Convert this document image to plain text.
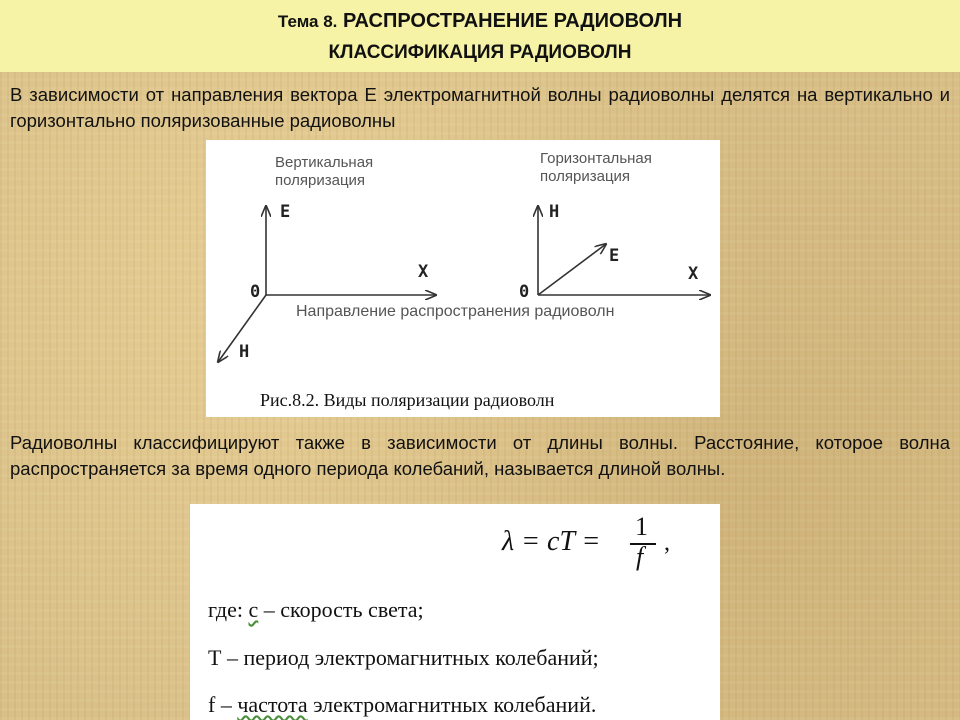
Тема 8. РАСПРОСТРАНЕНИЕ РАДИОВОЛН
КЛАССИФИКАЦИЯ РАДИОВОЛН
В зависимости от направления вектора Е электромагнитной волны радиоволны делятся на вертикально и горизонтально поляризованные радиоволны
Вертикальная
поляризация
Горизонтальная
поляризация
E
X
0
H
H
X
0
E
Направление распространения радиоволн
Рис.8.2. Виды поляризации радиоволн
Радиоволны классифицируют также в зависимости от длины волны. Расстояние, которое волна распространяется за время одного периода колебаний, называется длиной волны.
λ = cT = 1
f ,
где: с – скорость света;
Т – период электромагнитных колебаний;
f – частота электромагнитных колебаний.
